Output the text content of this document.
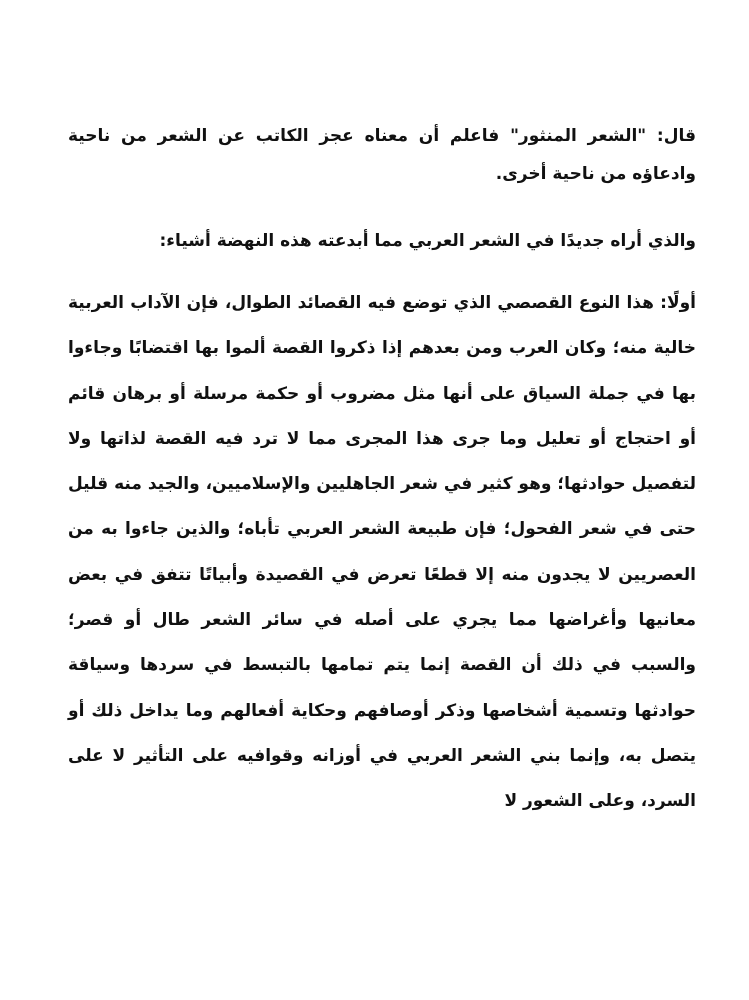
قال: "الشعر المنثور" فاعلم أن معناه عجز الكاتب عن الشعر من ناحية وادعاؤه من ناحية أخرى.

والذي أراه جديدًا في الشعر العربي مما أبدعته هذه النهضة أشياء:

أولًا: هذا النوع القصصي الذي توضع فيه القصائد الطوال، فإن الآداب العربية خالية منه؛ وكان العرب ومن بعدهم إذا ذكروا القصة ألموا بها اقتضابًا وجاءوا بها في جملة السياق على أنها مثل مضروب أو حكمة مرسلة أو برهان قائم أو احتجاج أو تعليل وما جرى هذا المجرى مما لا ترد فيه القصة لذاتها ولا لتفصيل حوادثها؛ وهو كثير في شعر الجاهليين والإسلاميين، والجيد منه قليل حتى في شعر الفحول؛ فإن طبيعة الشعر العربي تأباه؛ والذين جاءوا به من العصريين لا يجدون منه إلا قطعًا تعرض في القصيدة وأبياتًا تتفق في بعض معانيها وأغراضها مما يجري على أصله في سائر الشعر طال أو قصر؛ والسبب في ذلك أن القصة إنما يتم تمامها بالتبسط في سردها وسياقة حوادثها وتسمية أشخاصها وذكر أوصافهم وحكاية أفعالهم وما يداخل ذلك أو يتصل به، وإنما بني الشعر العربي في أوزانه وقوافيه على التأثير لا على السرد، وعلى الشعور لا
